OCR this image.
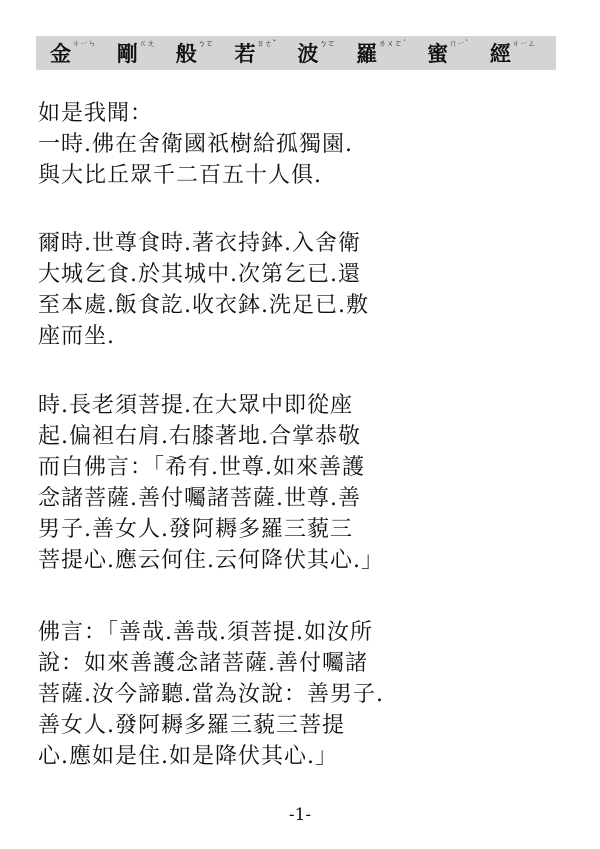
金$^{ㄐㄧㄣ}$ 剛$^{ㄍㄤ}$ 般$^{ㄅㄛ}$ 若$^{ㄖㄜˇ}$ 波$^{ㄅㄛ}$ 羅$^{ㄌㄨㄛˊ}$ 蜜$^{ㄇㄧˋ}$ 經$^{ㄐㄧㄥ}$
如是我聞：
一時.佛在舍衛國祇樹給孤獨園.
與大比丘眾千二百五十人俱.
爾時.世尊食時.著衣持鉢.入舍衛
大城乞食.於其城中.次第乞已.還
至本處.飯食訖.收衣鉢.洗足已.敷
座而坐.
時.長老須菩提.在大眾中即從座
起.偏袒右肩.右膝著地.合掌恭敬
而白佛言：「希有.世尊.如來善護
念諸菩薩.善付囑諸菩薩.世尊.善
男子.善女人.發阿耨多羅三藐三
菩提心.應云何住.云何降伏其心.」
佛言：「善哉.善哉.須菩提.如汝所
說：如來善護念諸菩薩.善付囑諸
菩薩.汝今諦聽.當為汝說：善男子.
善女人.發阿耨多羅三藐三菩提
心.應如是住.如是降伏其心.」
-1-
